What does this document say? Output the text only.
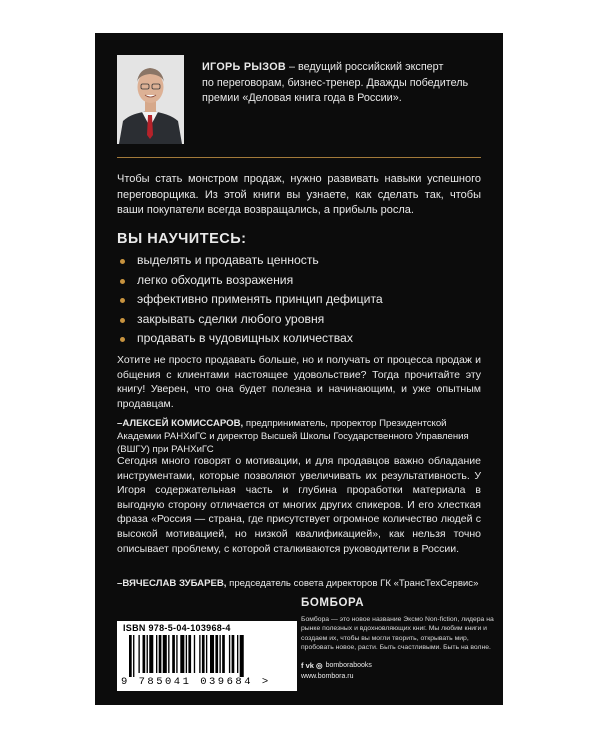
ИГОРЬ РЫЗОВ – ведущий российский эксперт
по переговорам, бизнес-тренер. Дважды победитель
премии «Деловая книга года в России».
Чтобы стать монстром продаж, нужно развивать навыки успешного переговорщика. Из этой книги вы узнаете, как сделать так, чтобы ваши покупатели всегда возвращались, а прибыль росла.
ВЫ НАУЧИТЕСЬ:
выделять и продавать ценность
легко обходить возражения
эффективно применять принцип дефицита
закрывать сделки любого уровня
продавать в чудовищных количествах
Хотите не просто продавать больше, но и получать от процесса продаж и общения с клиентами настоящее удовольствие? Тогда прочитайте эту книгу! Уверен, что она будет полезна и начинающим, и уже опытным продавцам.
–АЛЕКСЕЙ КОМИССАРОВ, предприниматель, проректор Президентской Академии РАНХиГС и директор Высшей Школы Государственного Управления (ВШГУ) при РАНХиГС
Сегодня много говорят о мотивации, и для продавцов важно обладание инструментами, которые позволяют увеличивать их результативность. У Игоря содержательная часть и глубина проработки материала в выгодную сторону отличается от многих других спикеров. И его хлесткая фраза «Россия — страна, где присутствует огромное количество людей с высокой мотивацией, но низкой квалификацией», как нельзя точно описывает проблему, с которой сталкиваются руководители в России.
–ВЯЧЕСЛАВ ЗУБАРЕВ, председатель совета директоров ГК «ТрансТехСервис»
ISBN 978-5-04-103968-4
9 785041 039684 >
БОМБОРА
Бомбора — это новое название Эксмо Non-fiction, лидера на рынке полезных и вдохновляющих книг. Мы любим книги и создаем их, чтобы вы могли творить, открывать мир, пробовать новое, расти. Быть счастливыми. Быть на волне.
f vk ◎ bomborabooks
www.bombora.ru
